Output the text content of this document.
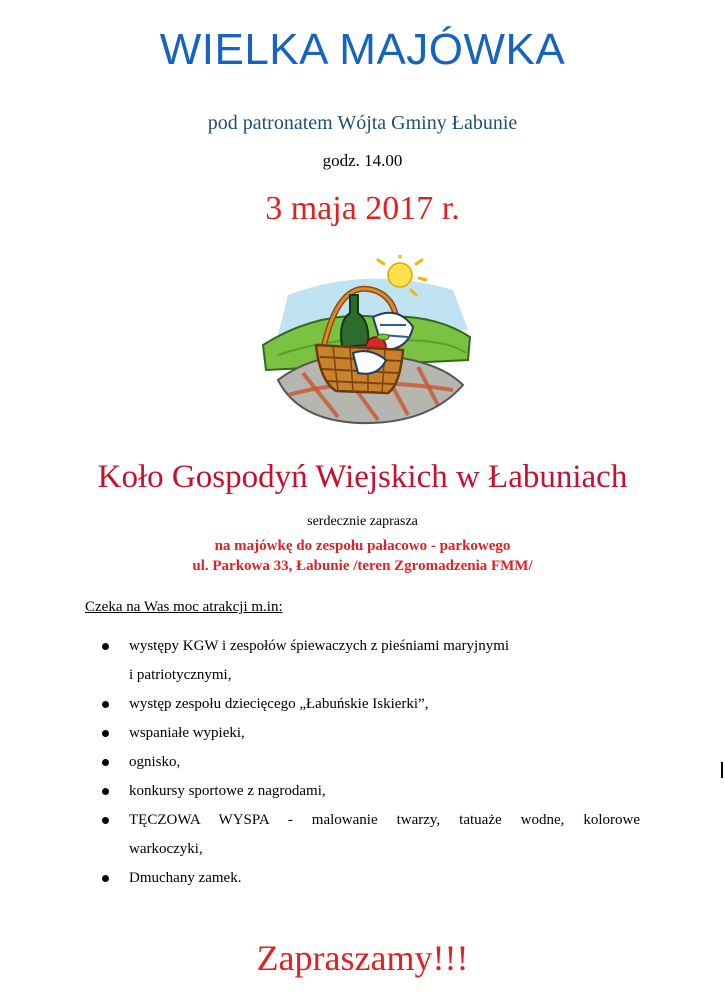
WIELKA MAJÓWKA
pod patronatem Wójta Gminy Łabunie
godz. 14.00
3 maja 2017 r.
Koło Gospodyń Wiejskich w Łabuniach
serdecznie zaprasza
na majówkę do zespołu pałacowo - parkowego
ul. Parkowa 33, Łabunie /teren Zgromadzenia FMM/
Czeka na Was moc atrakcji m.in:
występy KGW i zespołów śpiewaczych z pieśniami maryjnymi
i patriotycznymi,
występ zespołu dziecięcego „Łabuńskie Iskierki”,
wspaniałe wypieki,
ognisko,
konkursy sportowe z nagrodami,
TĘCZOWA WYSPA - malowanie twarzy, tatuaże wodne, kolorowe
warkoczyki,
Dmuchany zamek.
Zapraszamy!!!
